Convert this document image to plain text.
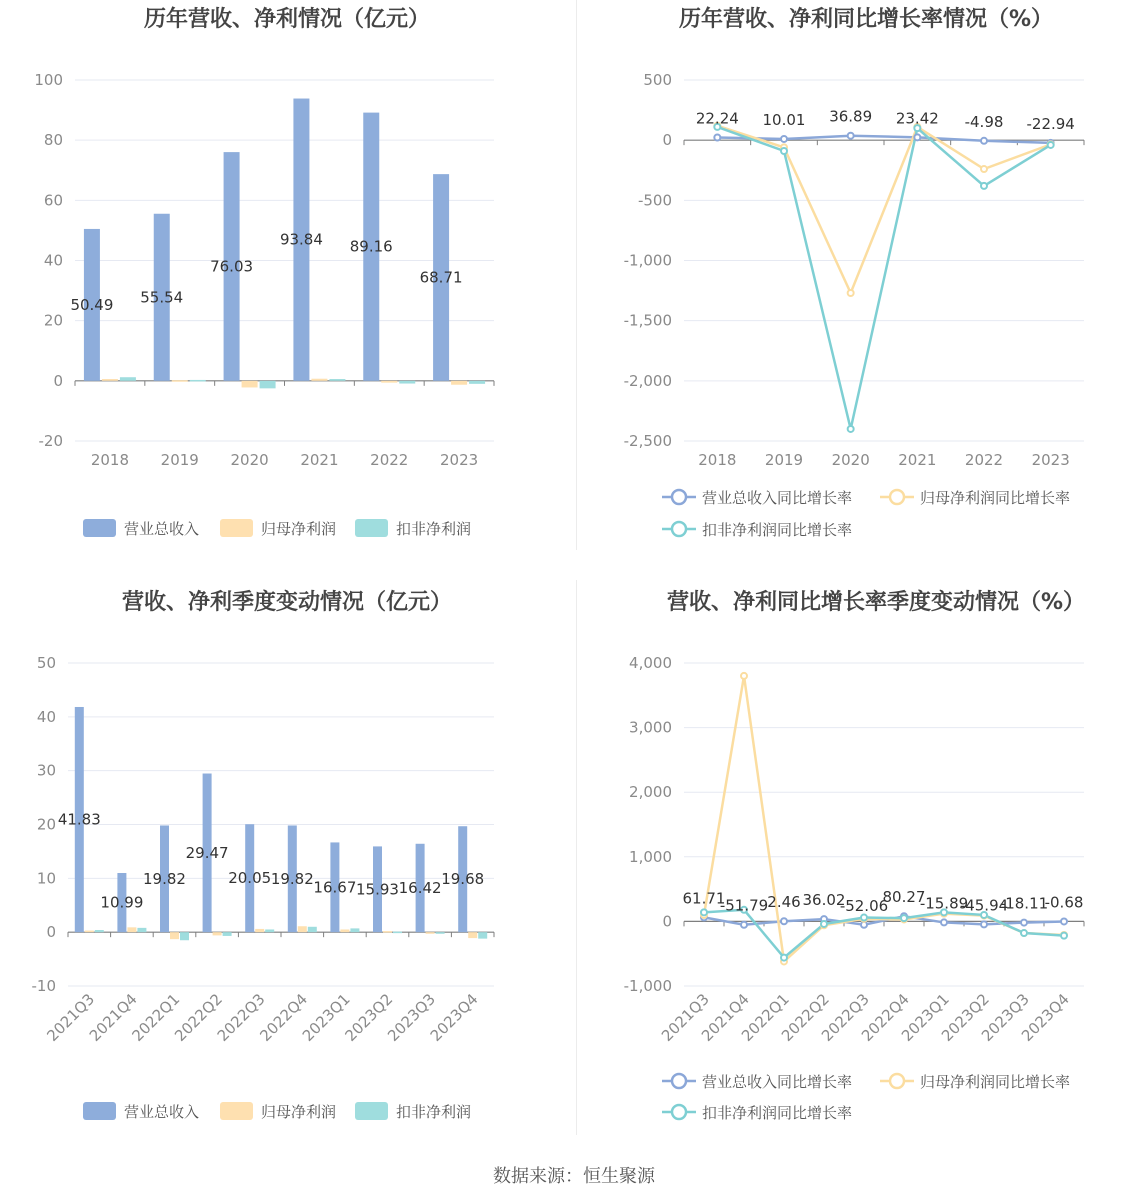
历年营收、净利情况（亿元）
100
80
60
40
20
0
-20
2018 2019 2020 2021 2022 2023
50.49 55.54
76.03
93.84 89.16
68.71
营业总收入	归母净利润	扣非净利润
历年营收、净利同比增长率情况（%）
500
0
-500
-1,000
-1,500
-2,000
-2,500
2018 2019 2020 2021 2022 2023
22.24 10.01 36.89 23.42 -4.98 -22.94
营业总收入同比增长率	归母净利润同比增长率
扣非净利润同比增长率
营收、净利季度变动情况（亿元）
50
40
30
20
10
0
-10
2021Q3
2021Q4
2022Q1
2022Q2
2022Q3
2022Q4
2023Q1
2023Q2
2023Q3
2023Q4
41.83
10.99
19.82
29.47
20.05 19.82 16.67 15.93 16.42 19.68
营业总收入	归母净利润	扣非净利润
营收、净利同比增长率季度变动情况（%）
4,000
3,000
2,000
1,000
0
-1,000
2021Q3
2021Q4
2022Q1
2022Q2
2022Q3
2022Q4
2023Q1
2023Q2
2023Q3
2023Q4
61.71
-51.79 2.46 36.02
-52.06
80.27
-15.89
-45.94
-18.11
-0.68
营业总收入同比增长率	归母净利润同比增长率
扣非净利润同比增长率
数据来源：恒生聚源
